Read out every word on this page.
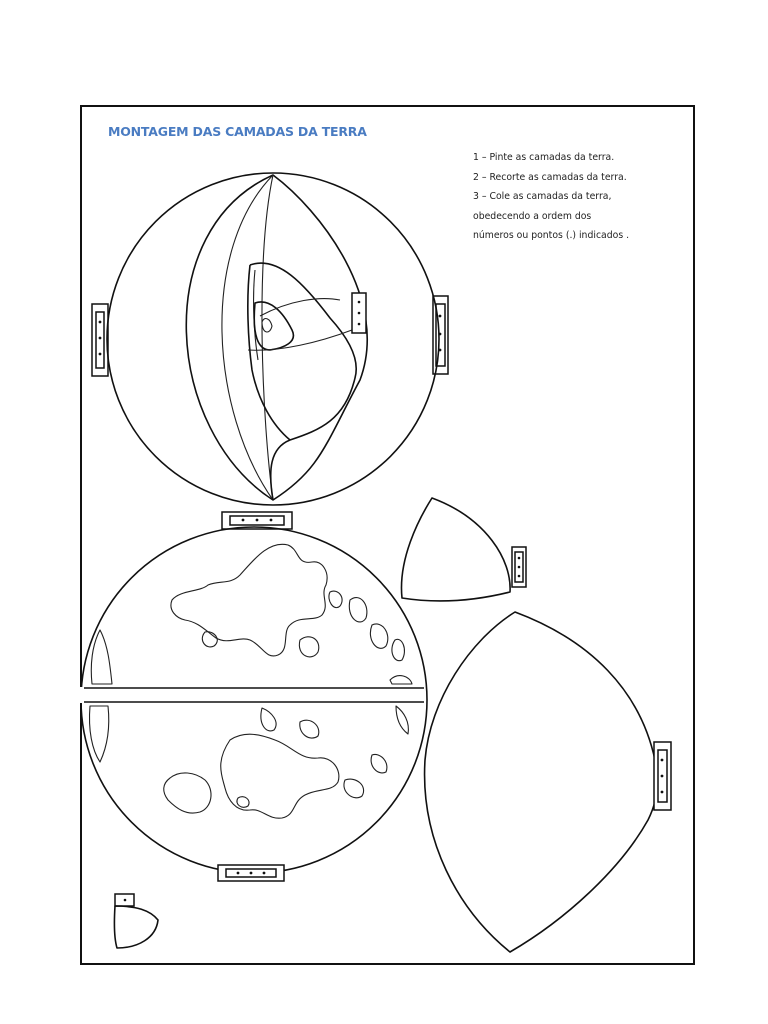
MONTAGEM DAS CAMADAS DA TERRA
1 – Pinte as camadas da terra.
2 – Recorte as camadas da terra.
3 – Cole as camadas da terra,
obedecendo a ordem dos
números ou pontos (.) indicados .
